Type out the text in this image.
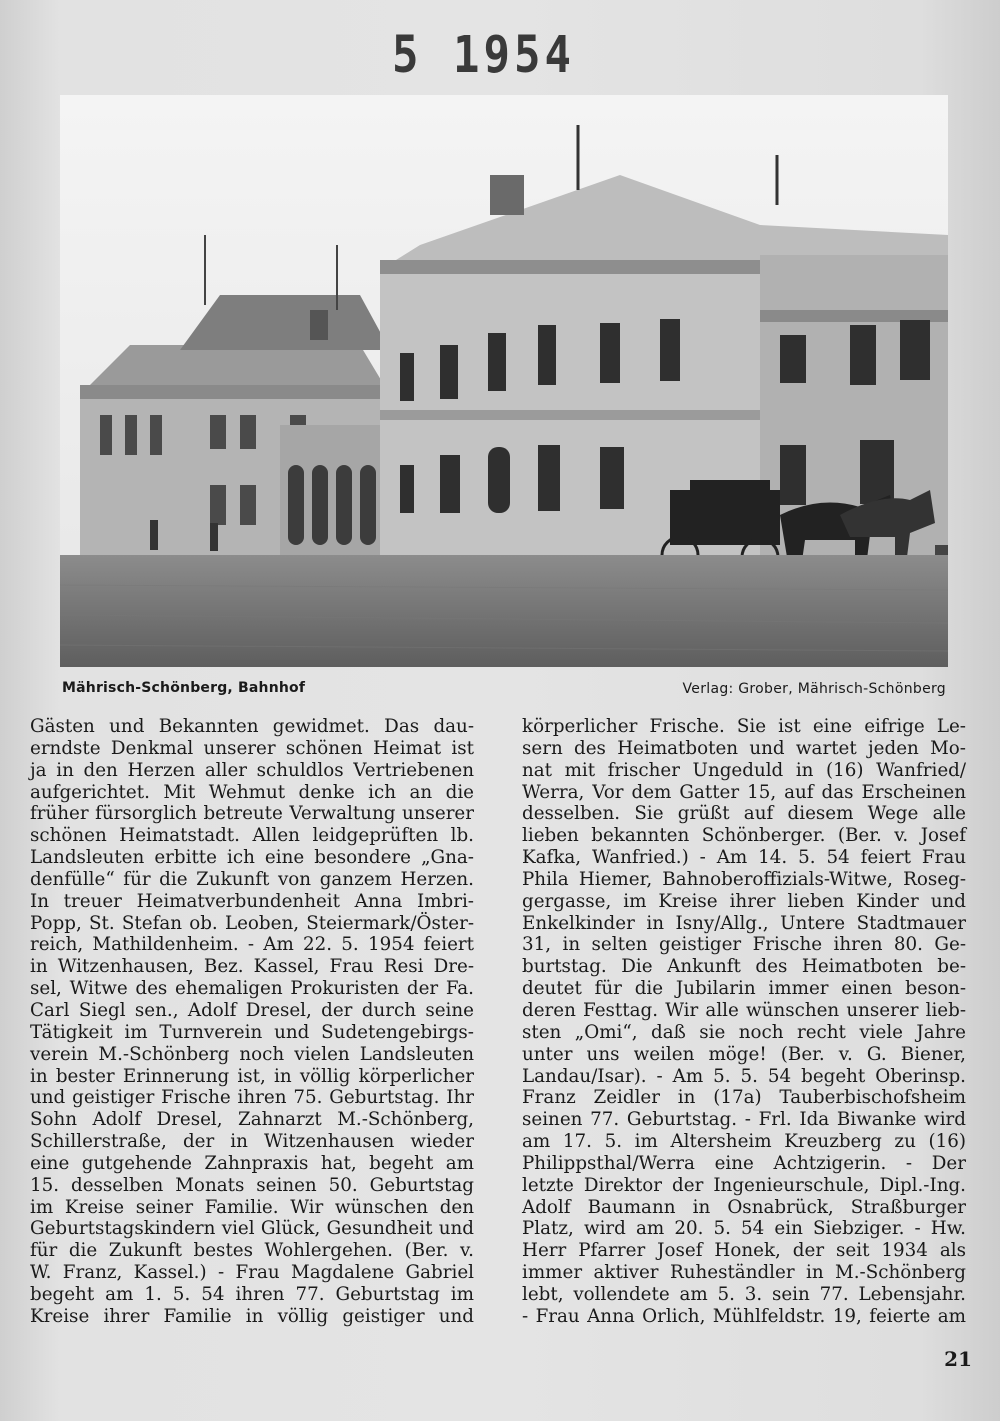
5 1954
Mährisch-Schönberg, Bahnhof	Verlag: Grober, Mährisch-Schönberg
Gästen und Bekannten gewidmet. Das dau-
erndste Denkmal unserer schönen Heimat ist
ja in den Herzen aller schuldlos Vertriebenen
aufgerichtet. Mit Wehmut denke ich an die
früher fürsorglich betreute Verwaltung unserer
schönen Heimatstadt. Allen leidgeprüften lb.
Landsleuten erbitte ich eine besondere „Gna-
denfülle“ für die Zukunft von ganzem Herzen.
In treuer Heimatverbundenheit Anna Imbri-
Popp, St. Stefan ob. Leoben, Steiermark/Öster-
reich, Mathildenheim. - Am 22. 5. 1954 feiert
in Witzenhausen, Bez. Kassel, Frau Resi Dre-
sel, Witwe des ehemaligen Prokuristen der Fa.
Carl Siegl sen., Adolf Dresel, der durch seine
Tätigkeit im Turnverein und Sudetengebirgs-
verein M.-Schönberg noch vielen Landsleuten
in bester Erinnerung ist, in völlig körperlicher
und geistiger Frische ihren 75. Geburtstag. Ihr
Sohn Adolf Dresel, Zahnarzt M.-Schönberg,
Schillerstraße, der in Witzenhausen wieder
eine gutgehende Zahnpraxis hat, begeht am
15. desselben Monats seinen 50. Geburtstag
im Kreise seiner Familie. Wir wünschen den
Geburtstagskindern viel Glück, Gesundheit und
für die Zukunft bestes Wohlergehen. (Ber. v.
W. Franz, Kassel.) - Frau Magdalene Gabriel
begeht am 1. 5. 54 ihren 77. Geburtstag im
Kreise ihrer Familie in völlig geistiger und
körperlicher Frische. Sie ist eine eifrige Le-
sern des Heimatboten und wartet jeden Mo-
nat mit frischer Ungeduld in (16) Wanfried/
Werra, Vor dem Gatter 15, auf das Erscheinen
desselben. Sie grüßt auf diesem Wege alle
lieben bekannten Schönberger. (Ber. v. Josef
Kafka, Wanfried.) - Am 14. 5. 54 feiert Frau
Phila Hiemer, Bahnoberoffizials-Witwe, Roseg-
gergasse, im Kreise ihrer lieben Kinder und
Enkelkinder in Isny/Allg., Untere Stadtmauer
31, in selten geistiger Frische ihren 80. Ge-
burtstag. Die Ankunft des Heimatboten be-
deutet für die Jubilarin immer einen beson-
deren Festtag. Wir alle wünschen unserer lieb-
sten „Omi“, daß sie noch recht viele Jahre
unter uns weilen möge! (Ber. v. G. Biener,
Landau/Isar). - Am 5. 5. 54 begeht Oberinsp.
Franz Zeidler in (17a) Tauberbischofsheim
seinen 77. Geburtstag. - Frl. Ida Biwanke wird
am 17. 5. im Altersheim Kreuzberg zu (16)
Philippsthal/Werra eine Achtzigerin. - Der
letzte Direktor der Ingenieurschule, Dipl.-Ing.
Adolf Baumann in Osnabrück, Straßburger
Platz, wird am 20. 5. 54 ein Siebziger. - Hw.
Herr Pfarrer Josef Honek, der seit 1934 als
immer aktiver Ruheständler in M.-Schönberg
lebt, vollendete am 5. 3. sein 77. Lebensjahr.
- Frau Anna Orlich, Mühlfeldstr. 19, feierte am
21
